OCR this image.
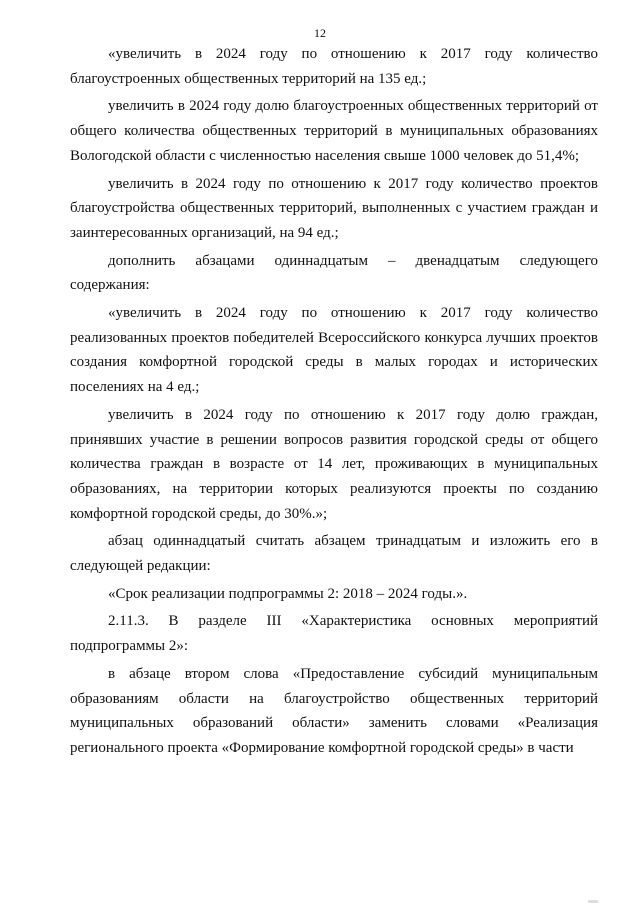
12

«увеличить в 2024 году по отношению к 2017 году количество благоустроенных общественных территорий на 135 ед.;

увеличить в 2024 году долю благоустроенных общественных территорий от общего количества общественных территорий в муниципальных образованиях Вологодской области с численностью населения свыше 1000 человек до 51,4%;

увеличить в 2024 году по отношению к 2017 году количество проектов благоустройства общественных территорий, выполненных с участием граждан и заинтересованных организаций, на 94 ед.;

дополнить абзацами одиннадцатым – двенадцатым следующего содержания:

«увеличить в 2024 году по отношению к 2017 году количество реализованных проектов победителей Всероссийского конкурса лучших проектов создания комфортной городской среды в малых городах и исторических поселениях на 4 ед.;

увеличить в 2024 году по отношению к 2017 году долю граждан, принявших участие в решении вопросов развития городской среды от общего количества граждан в возрасте от 14 лет, проживающих в муниципальных образованиях, на территории которых реализуются проекты по созданию комфортной городской среды, до 30%.»;

абзац одиннадцатый считать абзацем тринадцатым и изложить его в следующей редакции:

«Срок реализации подпрограммы 2: 2018 – 2024 годы.».

2.11.3. В разделе III «Характеристика основных мероприятий подпрограммы 2»:

в абзаце втором слова «Предоставление субсидий муниципальным образованиям области на благоустройство общественных территорий муниципальных образований области» заменить словами «Реализация регионального проекта «Формирование комфортной городской среды» в части
